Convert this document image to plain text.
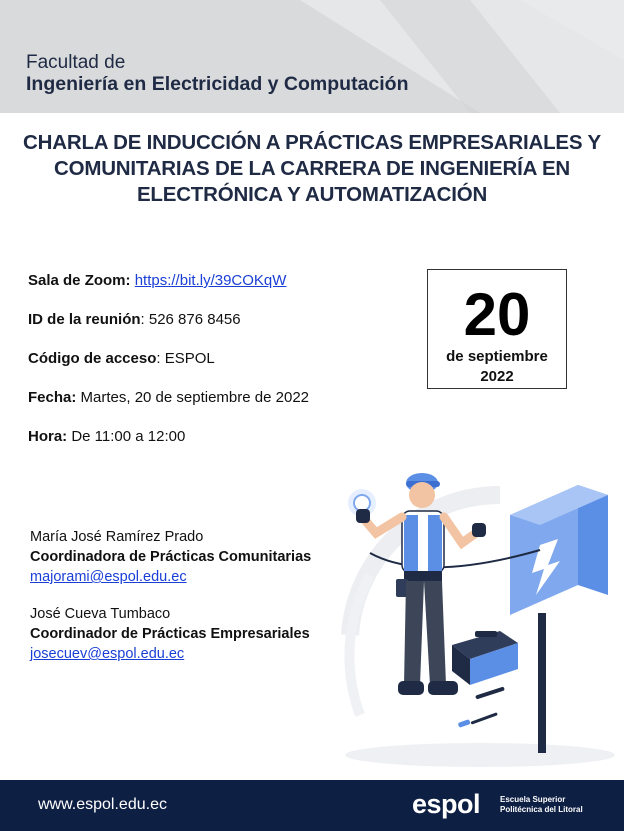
Facultad de
Ingeniería en Electricidad y Computación
CHARLA DE INDUCCIÓN A PRÁCTICAS EMPRESARIALES Y
COMUNITARIAS DE LA CARRERA DE INGENIERÍA EN
ELECTRÓNICA Y AUTOMATIZACIÓN
Sala de Zoom: https://bit.ly/39COKqW
ID de la reunión: 526 876 8456
Código de acceso: ESPOL
Fecha: Martes, 20 de septiembre de 2022
Hora: De 11:00 a 12:00
20
de septiembre
2022
María José Ramírez Prado
Coordinadora de Prácticas Comunitarias
majorami@espol.edu.ec
José Cueva Tumbaco
Coordinador de Prácticas Empresariales
josecuev@espol.edu.ec
www.espol.edu.ec	espol Escuela Superior
Politécnica del Litoral
